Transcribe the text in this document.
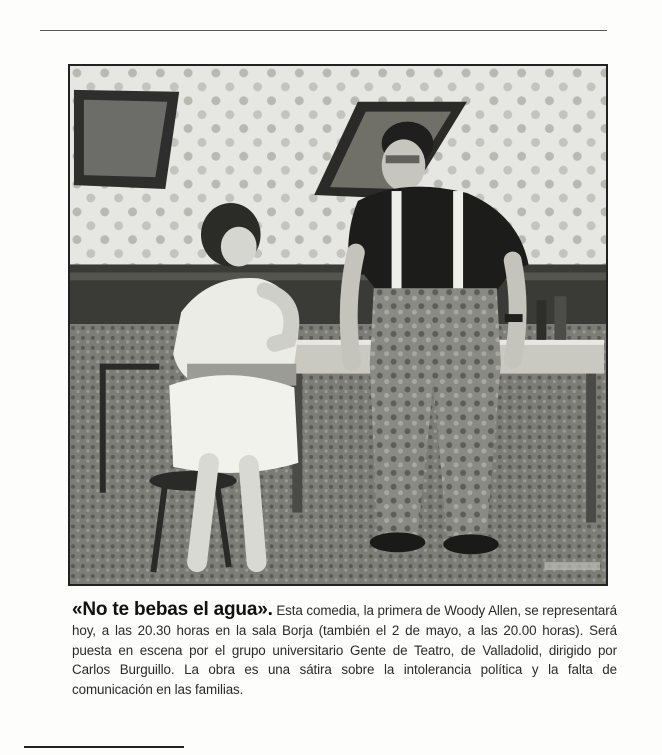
«No te bebas el agua». Esta comedia, la primera de Woody Allen, se representará hoy, a las 20.30 horas en la sala Borja (también el 2 de mayo, a las 20.00 horas). Será puesta en escena por el grupo universitario Gente de Teatro, de Valladolid, dirigido por Carlos Burguillo. La obra es una sátira sobre la intolerancia política y la falta de comunicación en las familias.
